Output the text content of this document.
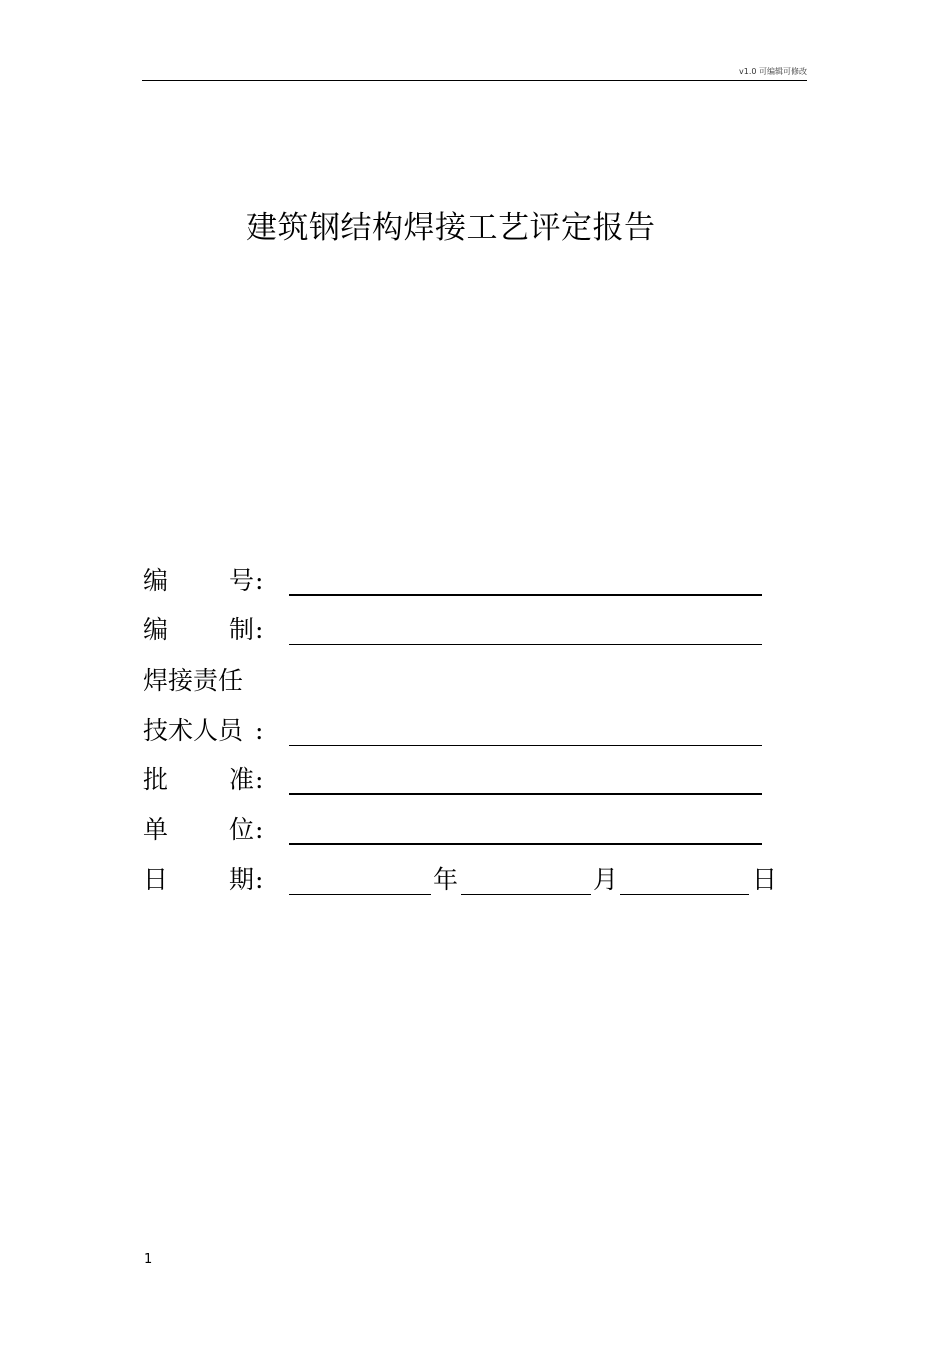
v1.0 可编辑可修改
建筑钢结构焊接工艺评定报告
编 号 :
编 制 :
焊接责任
技术人员 :
批 准 :
单 位 :
日 期 :	年	月	日
1
